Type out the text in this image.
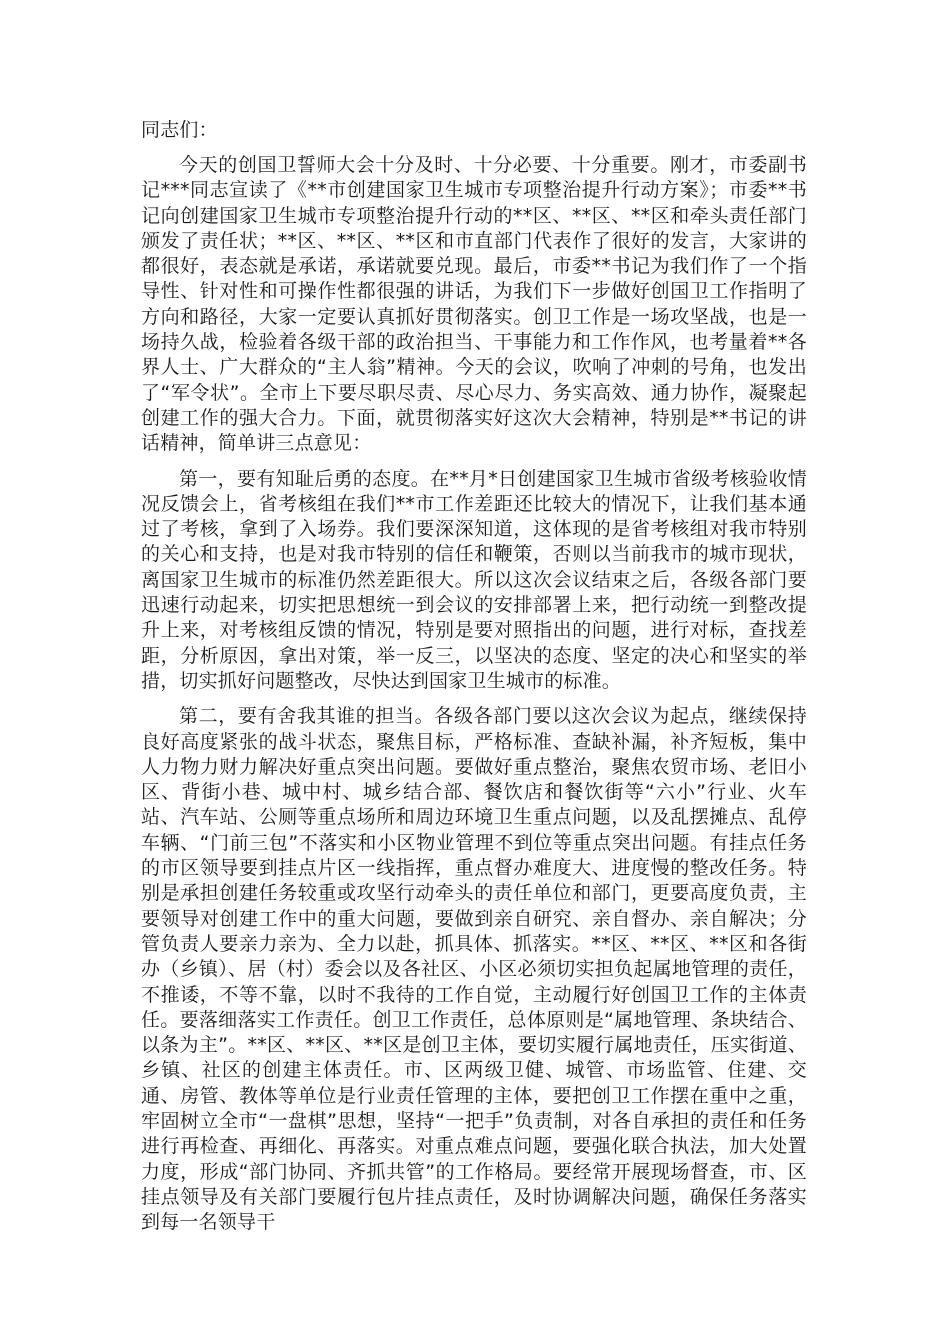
同志们：

今天的创国卫誓师大会十分及时、十分必要、十分重要。刚才，市委副书记***同志宣读了《**市创建国家卫生城市专项整治提升行动方案》；市委**书记向创建国家卫生城市专项整治提升行动的**区、**区、**区和牵头责任部门颁发了责任状；**区、**区、**区和市直部门代表作了很好的发言，大家讲的都很好，表态就是承诺，承诺就要兑现。最后，市委**书记为我们作了一个指导性、针对性和可操作性都很强的讲话，为我们下一步做好创国卫工作指明了方向和路径，大家一定要认真抓好贯彻落实。创卫工作是一场攻坚战，也是一场持久战，检验着各级干部的政治担当、干事能力和工作作风，也考量着**各界人士、广大群众的“主人翁”精神。今天的会议，吹响了冲刺的号角，也发出了“军令状”。全市上下要尽职尽责、尽心尽力、务实高效、通力协作，凝聚起创建工作的强大合力。下面，就贯彻落实好这次大会精神，特别是**书记的讲话精神，简单讲三点意见：

第一，要有知耻后勇的态度。在**月*日创建国家卫生城市省级考核验收情况反馈会上，省考核组在我们**市工作差距还比较大的情况下，让我们基本通过了考核，拿到了入场券。我们要深深知道，这体现的是省考核组对我市特别的关心和支持，也是对我市特别的信任和鞭策，否则以当前我市的城市现状，离国家卫生城市的标准仍然差距很大。所以这次会议结束之后，各级各部门要迅速行动起来，切实把思想统一到会议的安排部署上来，把行动统一到整改提升上来，对考核组反馈的情况，特别是要对照指出的问题，进行对标，查找差距，分析原因，拿出对策，举一反三，以坚决的态度、坚定的决心和坚实的举措，切实抓好问题整改，尽快达到国家卫生城市的标准。

第二，要有舍我其谁的担当。各级各部门要以这次会议为起点，继续保持良好高度紧张的战斗状态，聚焦目标，严格标准、查缺补漏，补齐短板，集中人力物力财力解决好重点突出问题。要做好重点整治，聚焦农贸市场、老旧小区、背街小巷、城中村、城乡结合部、餐饮店和餐饮街等“六小”行业、火车站、汽车站、公厕等重点场所和周边环境卫生重点问题，以及乱摆摊点、乱停车辆、“门前三包”不落实和小区物业管理不到位等重点突出问题。有挂点任务的市区领导要到挂点片区一线指挥，重点督办难度大、进度慢的整改任务。特别是承担创建任务较重或攻坚行动牵头的责任单位和部门，更要高度负责，主要领导对创建工作中的重大问题，要做到亲自研究、亲自督办、亲自解决；分管负责人要亲力亲为、全力以赴，抓具体、抓落实。**区、**区、**区和各街办（乡镇）、居（村）委会以及各社区、小区必须切实担负起属地管理的责任，不推诿，不等不靠，以时不我待的工作自觉，主动履行好创国卫工作的主体责任。要落细落实工作责任。创卫工作责任，总体原则是“属地管理、条块结合、以条为主”。**区、**区、**区是创卫主体，要切实履行属地责任，压实街道、乡镇、社区的创建主体责任。市、区两级卫健、城管、市场监管、住建、交通、房管、教体等单位是行业责任管理的主体，要把创卫工作摆在重中之重，牢固树立全市“一盘棋”思想，坚持“一把手”负责制，对各自承担的责任和任务进行再检查、再细化、再落实。对重点难点问题，要强化联合执法，加大处置力度，形成“部门协同、齐抓共管”的工作格局。要经常开展现场督查，市、区挂点领导及有关部门要履行包片挂点责任，及时协调解决问题，确保任务落实到每一名领导干
